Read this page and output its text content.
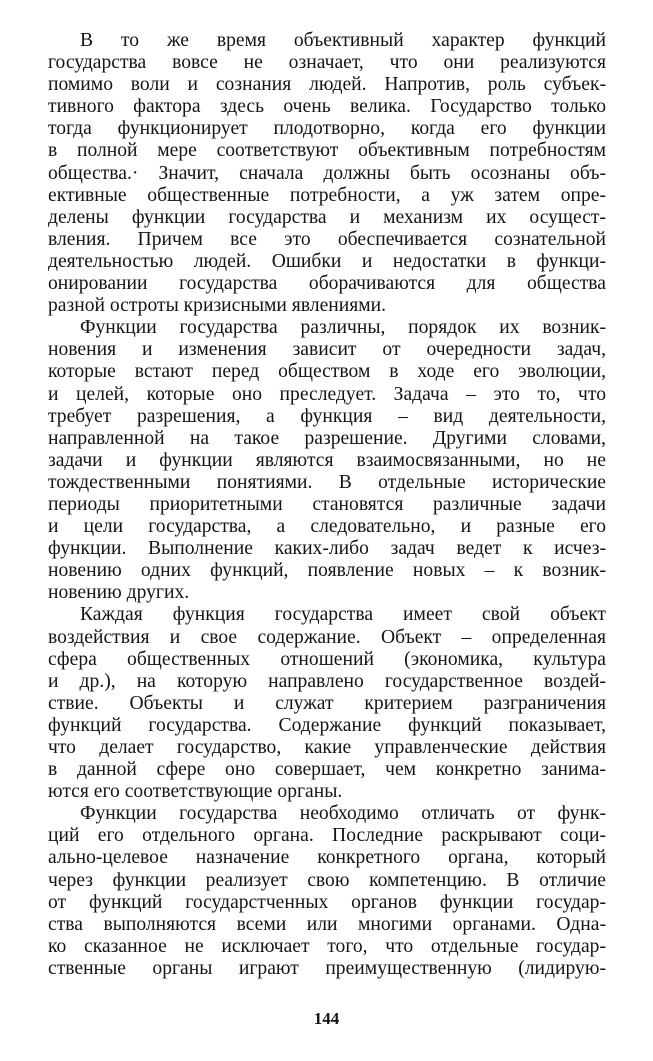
В то же время объективный характер функций
государства вовсе не означает, что они реализуются
помимо воли и сознания людей. Напротив, роль субъек-
тивного фактора здесь очень велика. Государство только
тогда функционирует плодотворно, когда его функции
в полной мере соответствуют объективным потребностям
общества.· Значит, сначала должны быть осознаны объ-
ективные общественные потребности, а уж затем опре-
делены функции государства и механизм их осущест-
вления. Причем все это обеспечивается сознательной
деятельностью людей. Ошибки и недостатки в функци-
онировании государства оборачиваются для общества
разной остроты кризисными явлениями.
Функции государства различны, порядок их возник-
новения и изменения зависит от очередности задач,
которые встают перед обществом в ходе его эволюции,
и целей, которые оно преследует. Задача – это то, что
требует разрешения, а функция – вид деятельности,
направленной на такое разрешение. Другими словами,
задачи и функции являются взаимосвязанными, но не
тождественными понятиями. В отдельные исторические
периоды приоритетными становятся различные задачи
и цели государства, а следовательно, и разные его
функции. Выполнение каких-либо задач ведет к исчез-
новению одних функций, появление новых – к возник-
новению других.
Каждая функция государства имеет свой объект
воздействия и свое содержание. Объект – определенная
сфера общественных отношений (экономика, культура
и др.), на которую направлено государственное воздей-
ствие. Объекты и служат критерием разграничения
функций государства. Содержание функций показывает,
что делает государство, какие управленческие действия
в данной сфере оно совершает, чем конкретно занима-
ются его соответствующие органы.
Функции государства необходимо отличать от функ-
ций его отдельного органа. Последние раскрывают соци-
ально-целевое назначение конкретного органа, который
через функции реализует свою компетенцию. В отличие
от функций государстченных органов функции государ-
ства выполняются всеми или многими органами. Одна-
ко сказанное не исключает того, что отдельные государ-
ственные органы играют преимущественную (лидирую-
144
